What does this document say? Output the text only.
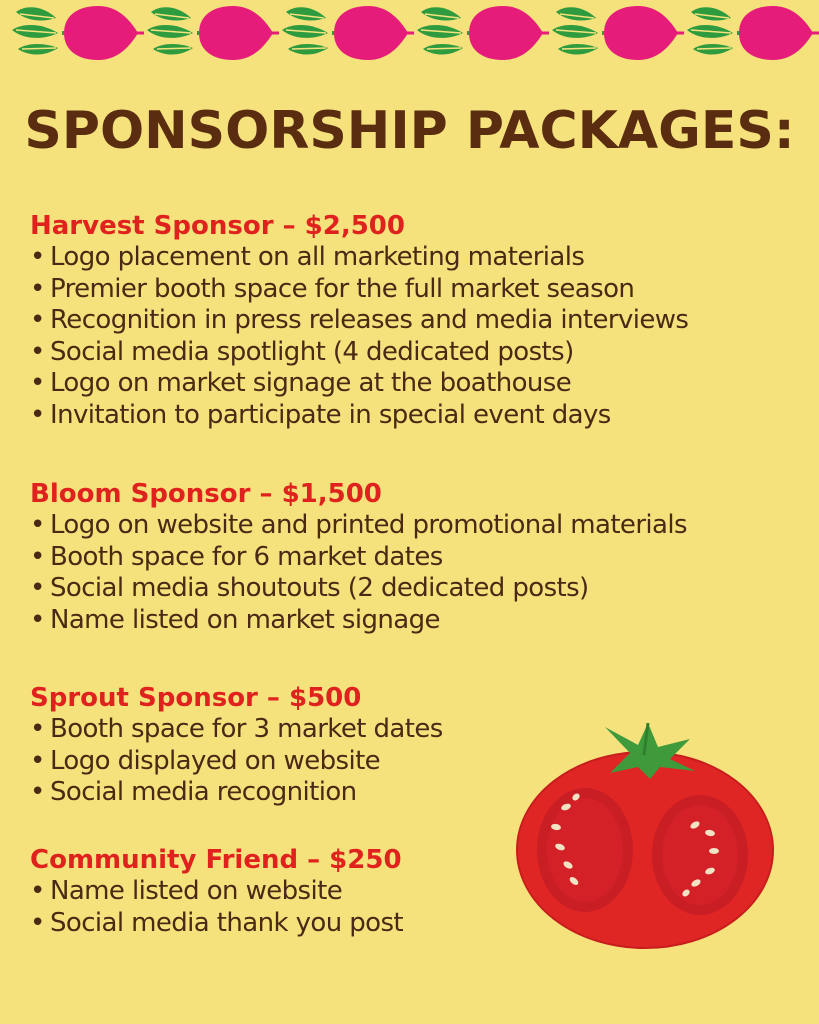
SPONSORSHIP PACKAGES:
Harvest Sponsor – $2,500
• Logo placement on all marketing materials
• Premier booth space for the full market season
• Recognition in press releases and media interviews
• Social media spotlight (4 dedicated posts)
• Logo on market signage at the boathouse
• Invitation to participate in special event days
Bloom Sponsor – $1,500
• Logo on website and printed promotional materials
• Booth space for 6 market dates
• Social media shoutouts (2 dedicated posts)
• Name listed on market signage
Sprout Sponsor – $500
• Booth space for 3 market dates
• Logo displayed on website
• Social media recognition
Community Friend – $250
• Name listed on website
• Social media thank you post
